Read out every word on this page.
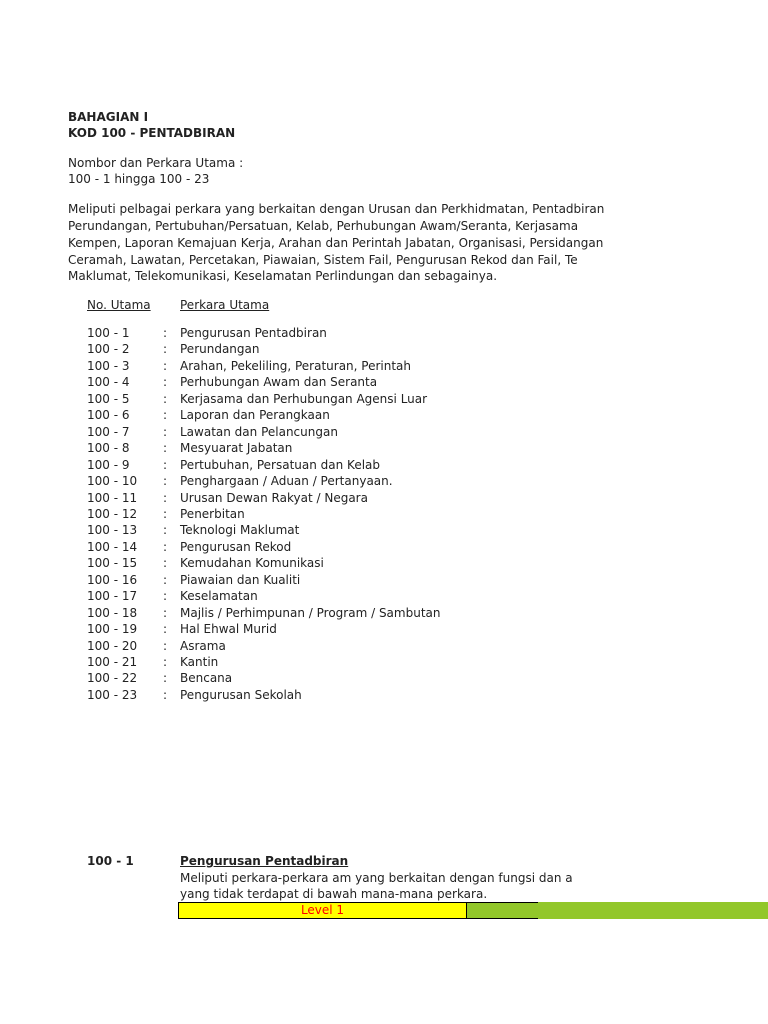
BAHAGIAN I
KOD 100 - PENTADBIRAN
Nombor dan Perkara Utama :
100 - 1 hingga 100 - 23
Meliputi pelbagai perkara yang berkaitan dengan Urusan dan Perkhidmatan, Pentadbiran
Perundangan, Pertubuhan/Persatuan, Kelab, Perhubungan Awam/Seranta, Kerjasama
Kempen, Laporan Kemajuan Kerja, Arahan dan Perintah Jabatan, Organisasi, Persidangan
Ceramah, Lawatan, Percetakan, Piawaian, Sistem Fail, Pengurusan Rekod dan Fail, Te
Maklumat, Telekomunikasi, Keselamatan Perlindungan dan sebagainya.
No. Utama Perkara Utama
100 - 1	: Pengurusan Pentadbiran
100 - 2	: Perundangan
100 - 3	: Arahan, Pekeliling, Peraturan, Perintah
100 - 4	: Perhubungan Awam dan Seranta
100 - 5	: Kerjasama dan Perhubungan Agensi Luar
100 - 6	: Laporan dan Perangkaan
100 - 7	: Lawatan dan Pelancungan
100 - 8	: Mesyuarat Jabatan
100 - 9	: Pertubuhan, Persatuan dan Kelab
100 - 10 : Penghargaan / Aduan / Pertanyaan.
100 - 11 : Urusan Dewan Rakyat / Negara
100 - 12 : Penerbitan
100 - 13 : Teknologi Maklumat
100 - 14 : Pengurusan Rekod
100 - 15 : Kemudahan Komunikasi
100 - 16 : Piawaian dan Kualiti
100 - 17 : Keselamatan
100 - 18 : Majlis / Perhimpunan / Program / Sambutan
100 - 19 : Hal Ehwal Murid
100 - 20 : Asrama
100 - 21 : Kantin
100 - 22 : Bencana
100 - 23 : Pengurusan Sekolah
100 - 1	Pengurusan Pentadbiran
Meliputi perkara-perkara am yang berkaitan dengan fungsi dan a
yang tidak terdapat di bawah mana-mana perkara.
Level 1
